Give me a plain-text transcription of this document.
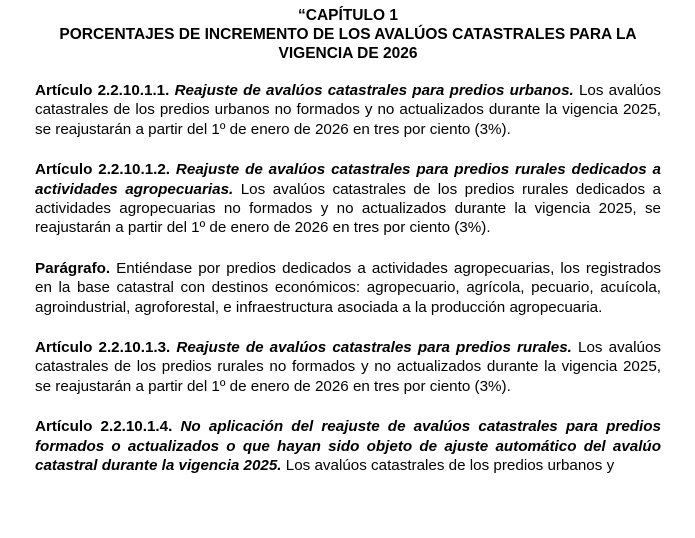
“CAPÍTULO 1
PORCENTAJES DE INCREMENTO DE LOS AVALÚOS CATASTRALES PARA LA VIGENCIA DE 2026

Artículo 2.2.10.1.1. Reajuste de avalúos catastrales para predios urbanos. Los avalúos catastrales de los predios urbanos no formados y no actualizados durante la vigencia 2025, se reajustarán a partir del 1º de enero de 2026 en tres por ciento (3%).

Artículo 2.2.10.1.2. Reajuste de avalúos catastrales para predios rurales dedicados a actividades agropecuarias. Los avalúos catastrales de los predios rurales dedicados a actividades agropecuarias no formados y no actualizados durante la vigencia 2025, se reajustarán a partir del 1º de enero de 2026 en tres por ciento (3%).

Parágrafo. Entiéndase por predios dedicados a actividades agropecuarias, los registrados en la base catastral con destinos económicos: agropecuario, agrícola, pecuario, acuícola, agroindustrial, agroforestal, e infraestructura asociada a la producción agropecuaria.

Artículo 2.2.10.1.3. Reajuste de avalúos catastrales para predios rurales. Los avalúos catastrales de los predios rurales no formados y no actualizados durante la vigencia 2025, se reajustarán a partir del 1º de enero de 2026 en tres por ciento (3%).

Artículo 2.2.10.1.4. No aplicación del reajuste de avalúos catastrales para predios formados o actualizados o que hayan sido objeto de ajuste automático del avalúo catastral durante la vigencia 2025. Los avalúos catastrales de los predios urbanos y
